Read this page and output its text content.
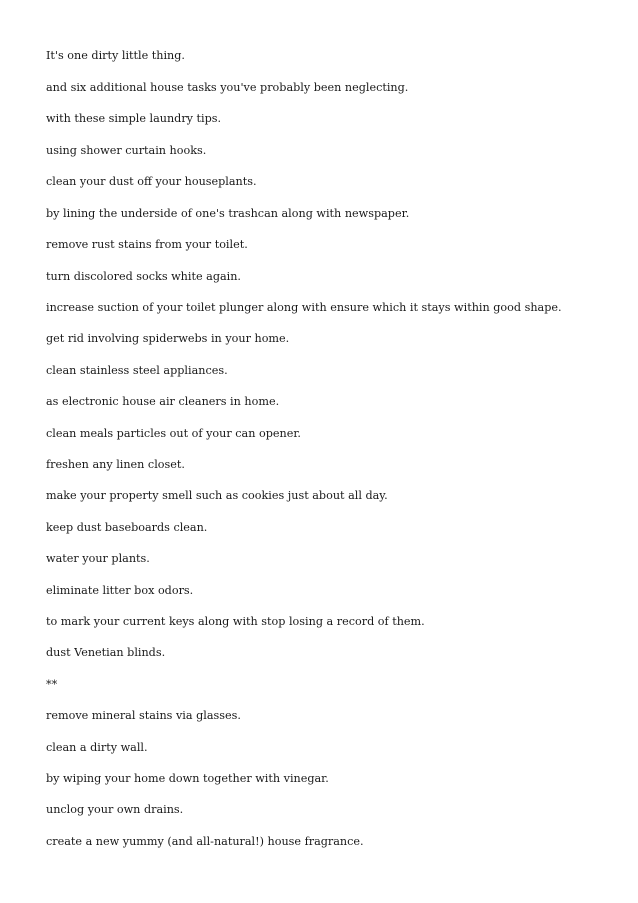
It's one dirty little thing.

and six additional house tasks you've probably been neglecting.

with these simple laundry tips.

using shower curtain hooks.

clean your dust off your houseplants.

by lining the underside of one's trashcan along with newspaper.

remove rust stains from your toilet.

turn discolored socks white again.

increase suction of your toilet plunger along with ensure which it stays within good shape.

get rid involving spiderwebs in your home.

clean stainless steel appliances.

as electronic house air cleaners in home.

clean meals particles out of your can opener.

freshen any linen closet.

make your property smell such as cookies just about all day.

keep dust baseboards clean.

water your plants.

eliminate litter box odors.

to mark your current keys along with stop losing a record of them.

dust Venetian blinds.

**

remove mineral stains via glasses.

clean a dirty wall.

by wiping your home down together with vinegar.

unclog your own drains.

create a new yummy (and all-natural!) house fragrance.
